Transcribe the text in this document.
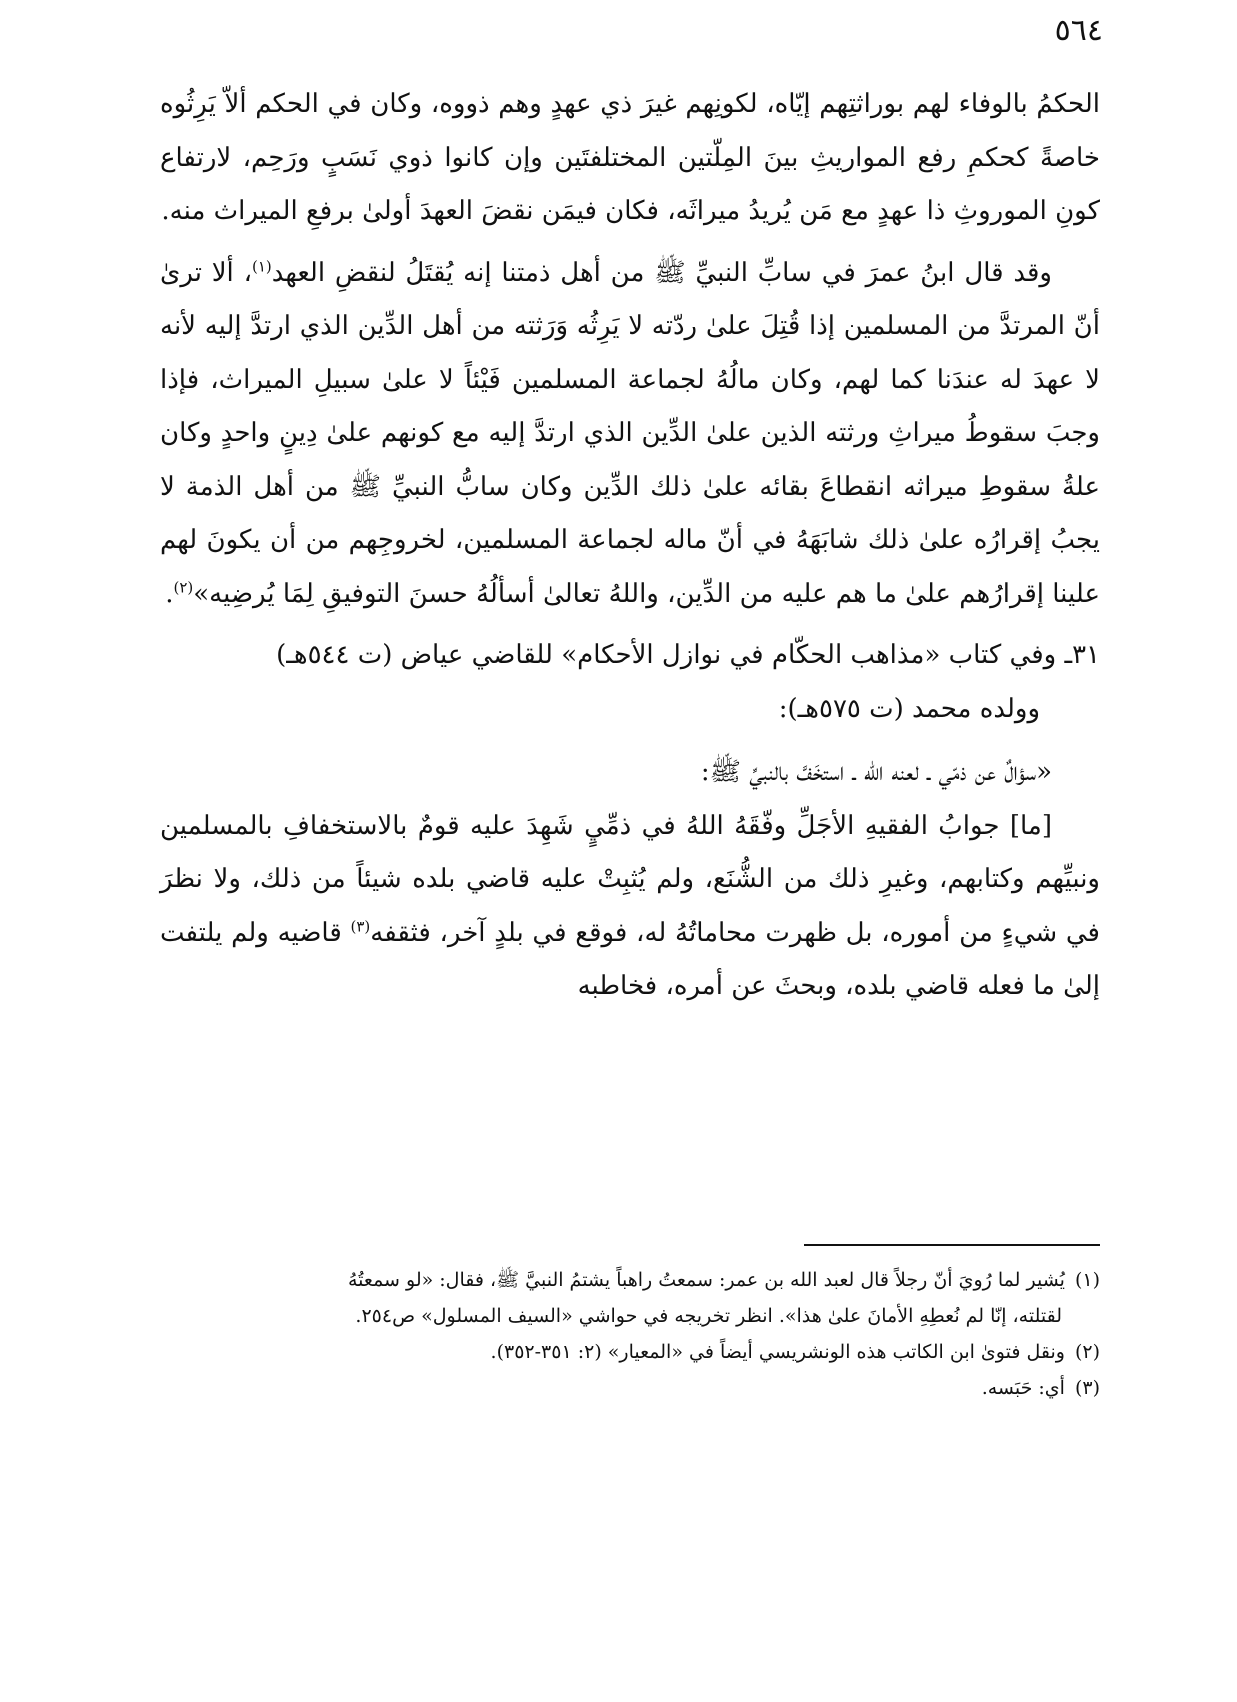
٥٦٤

الحكمُ بالوفاء لهم بوراثتِهم إيّاه، لكونِهم غيرَ ذي عهدٍ وهم ذووه، وكان في الحكم ألاّ يَرِثُوه خاصةً كحكمِ رفع المواريثِ بينَ المِلّتين المختلفتَين وإن كانوا ذوي نَسَبٍ ورَحِم، لارتفاع كونِ الموروثِ ذا عهدٍ مع مَن يُريدُ ميراثَه، فكان فيمَن نقضَ العهدَ أولىٰ برفعِ الميراث منه.

وقد قال ابنُ عمرَ في سابِّ النبيِّ ﷺ من أهل ذمتنا إنه يُقتَلُ لنقضِ العهد$^{(١)}$، ألا ترىٰ أنّ المرتدَّ من المسلمين إذا قُتِلَ علىٰ ردّته لا يَرِثُه وَرَثته من أهل الدِّين الذي ارتدَّ إليه لأنه لا عهدَ له عندَنا كما لهم، وكان مالُهُ لجماعة المسلمين فَيْئاً لا علىٰ سبيلِ الميراث، فإذا وجبَ سقوطُ ميراثِ ورثته الذين علىٰ الدِّين الذي ارتدَّ إليه مع كونهم علىٰ دِينٍ واحدٍ وكان علةُ سقوطِ ميراثه انقطاعَ بقائه علىٰ ذلك الدِّين وكان سابُّ النبيِّ ﷺ من أهل الذمة لا يجبُ إقرارُه علىٰ ذلك شابَهَهُ في أنّ ماله لجماعة المسلمين، لخروجِهم من أن يكونَ لهم علينا إقرارُهم علىٰ ما هم عليه من الدِّين، واللهُ تعالىٰ أسألُهُ حسنَ التوفيقِ لِمَا يُرضِيه»$^{(٢)}$.

٣١ـ وفي كتاب «مذاهب الحكّام في نوازل الأحكام» للقاضي عياض (ت ٥٤٤هـ)

وولده محمد (ت ٥٧٥هـ):

«سؤالٌ عن ذمّي ـ لعنه الله ـ استخَفَّ بالنبيِّ ﷺ:

[ما] جوابُ الفقيهِ الأجَلِّ وفّقَهُ اللهُ في ذمِّيٍ شَهِدَ عليه قومٌ بالاستخفافِ بالمسلمين ونبيِّهم وكتابهم، وغيرِ ذلك من الشُّنَع، ولم يُثبِتْ عليه قاضي بلده شيئاً من ذلك، ولا نظرَ في شيءٍ من أموره، بل ظهرت محاماتُهُ له، فوقع في بلدٍ آخر، فثقفه$^{(٣)}$ قاضيه ولم يلتفت إلىٰ ما فعله قاضي بلده، وبحثَ عن أمره، فخاطبه

(١)يُشير لما رُويَ أنّ رجلاً قال لعبد الله بن عمر: سمعتُ راهباً يشتمُ النبيَّ ﷺ، فقال: «لو سمعتُهُ

لقتلته، إنّا لم نُعطِهِ الأمانَ علىٰ هذا». انظر تخريجه في حواشي «السيف المسلول» ص٢٥٤.

(٢)ونقل فتوىٰ ابن الكاتب هذه الونشريسي أيضاً في «المعيار» (٢: ٣٥١-٣٥٢).

(٣)أي: حَبَسه.
